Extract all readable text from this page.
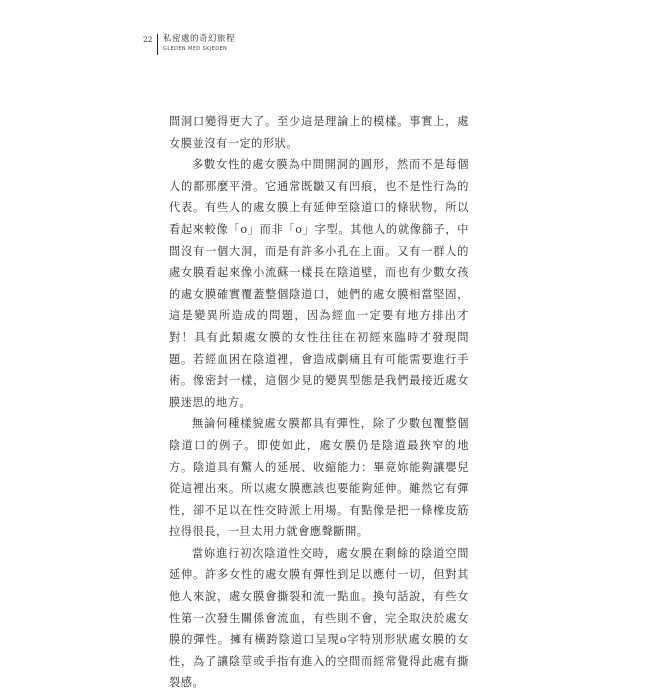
22 私密處的奇幻旅程
GLEDEN MED SKJEDEN

間洞口變得更大了。至少這是理論上的模樣。事實上，處女膜並沒有一定的形狀。

多數女性的處女膜為中間開洞的圓形，然而不是每個人的都那麼平滑。它通常既皺又有凹痕，也不是性行為的代表。有些人的處女膜上有延伸至陰道口的條狀物，所以看起來較像「o」而非「o」字型。其他人的就像篩子，中間沒有一個大洞，而是有許多小孔在上面。又有一群人的處女膜看起來像小流蘇一樣長在陰道壁，而也有少數女孩的處女膜確實覆蓋整個陰道口，她們的處女膜相當堅固，這是變異所造成的問題，因為經血一定要有地方排出才對！具有此類處女膜的女性往往在初經來臨時才發現問題。若經血困在陰道裡，會造成劇痛且有可能需要進行手術。像密封一樣，這個少見的變異型態是我們最接近處女膜迷思的地方。

無論何種樣貌處女膜都具有彈性，除了少數包覆整個陰道口的例子。即使如此，處女膜仍是陰道最狹窄的地方。陰道具有驚人的延展、收縮能力：畢竟妳能夠讓嬰兒從這裡出來。所以處女膜應該也要能夠延伸。雖然它有彈性，卻不足以在性交時派上用場。有點像是把一條橡皮筋拉得很長，一旦太用力就會應聲斷開。

當妳進行初次陰道性交時，處女膜在剩餘的陰道空間延伸。許多女性的處女膜有彈性到足以應付一切，但對其他人來說，處女膜會撕裂和流一點血。換句話說，有些女性第一次發生關係會流血，有些則不會，完全取決於處女膜的彈性。擁有橫跨陰道口呈現o字特別形狀處女膜的女性，為了讓陰莖或手指有進入的空間而經常覺得此處有撕裂感。
